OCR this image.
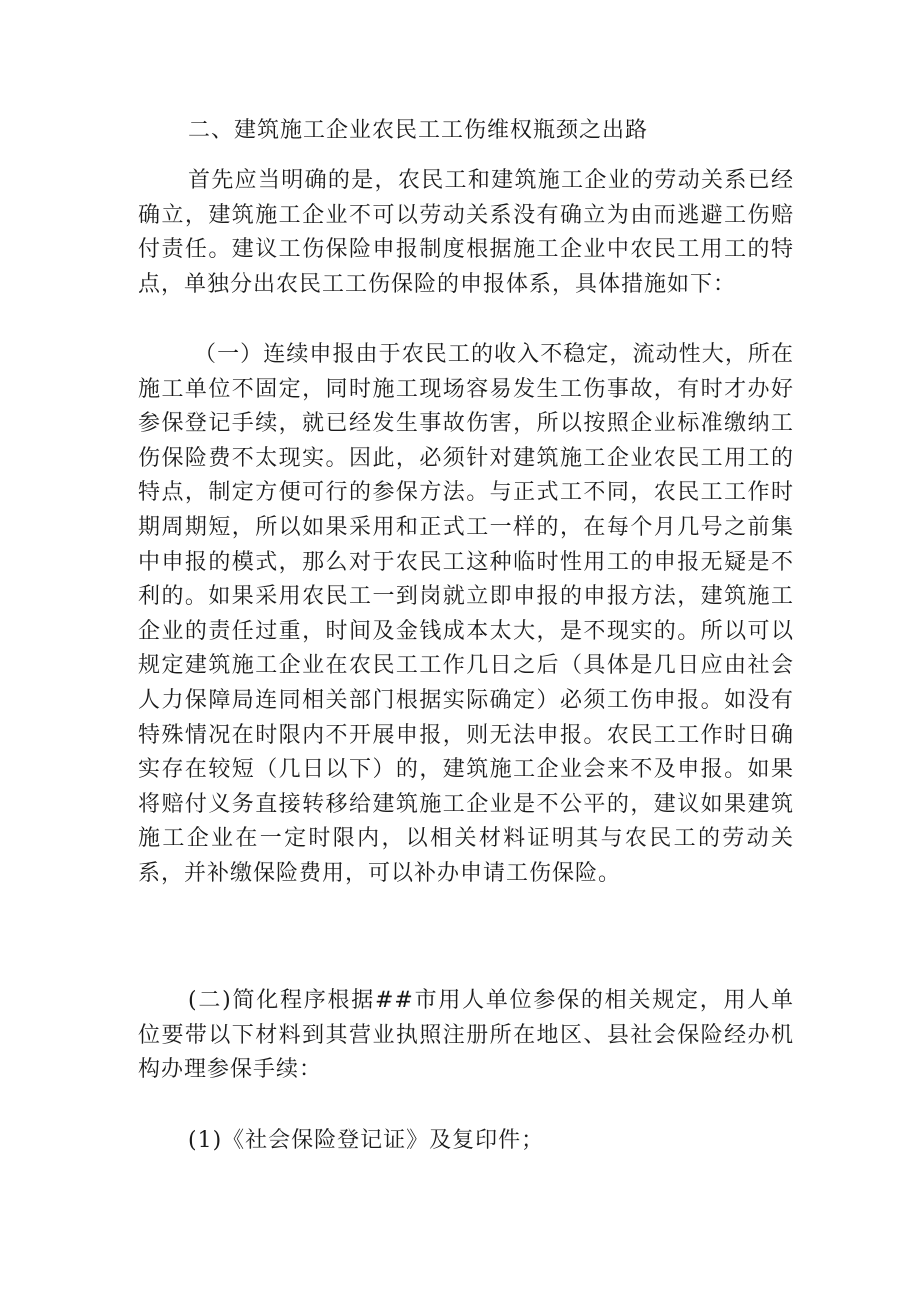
二、建筑施工企业农民工工伤维权瓶颈之出路

首先应当明确的是，农民工和建筑施工企业的劳动关系已经确立，建筑施工企业不可以劳动关系没有确立为由而逃避工伤赔付责任。建议工伤保险申报制度根据施工企业中农民工用工的特点，单独分出农民工工伤保险的申报体系，具体措施如下：

（一）连续申报由于农民工的收入不稳定，流动性大，所在施工单位不固定，同时施工现场容易发生工伤事故，有时才办好参保登记手续，就已经发生事故伤害，所以按照企业标准缴纳工伤保险费不太现实。因此，必须针对建筑施工企业农民工用工的特点，制定方便可行的参保方法。与正式工不同，农民工工作时期周期短，所以如果采用和正式工一样的，在每个月几号之前集中申报的模式，那么对于农民工这种临时性用工的申报无疑是不利的。如果采用农民工一到岗就立即申报的申报方法，建筑施工企业的责任过重，时间及金钱成本太大，是不现实的。所以可以规定建筑施工企业在农民工工作几日之后（具体是几日应由社会人力保障局连同相关部门根据实际确定）必须工伤申报。如没有特殊情况在时限内不开展申报，则无法申报。农民工工作时日确实存在较短（几日以下）的，建筑施工企业会来不及申报。如果将赔付义务直接转移给建筑施工企业是不公平的，建议如果建筑施工企业在一定时限内，以相关材料证明其与农民工的劳动关系，并补缴保险费用，可以补办申请工伤保险。

(二)简化程序根据##市用人单位参保的相关规定，用人单位要带以下材料到其营业执照注册所在地区、县社会保险经办机构办理参保手续：

(1)《社会保险登记证》及复印件；
